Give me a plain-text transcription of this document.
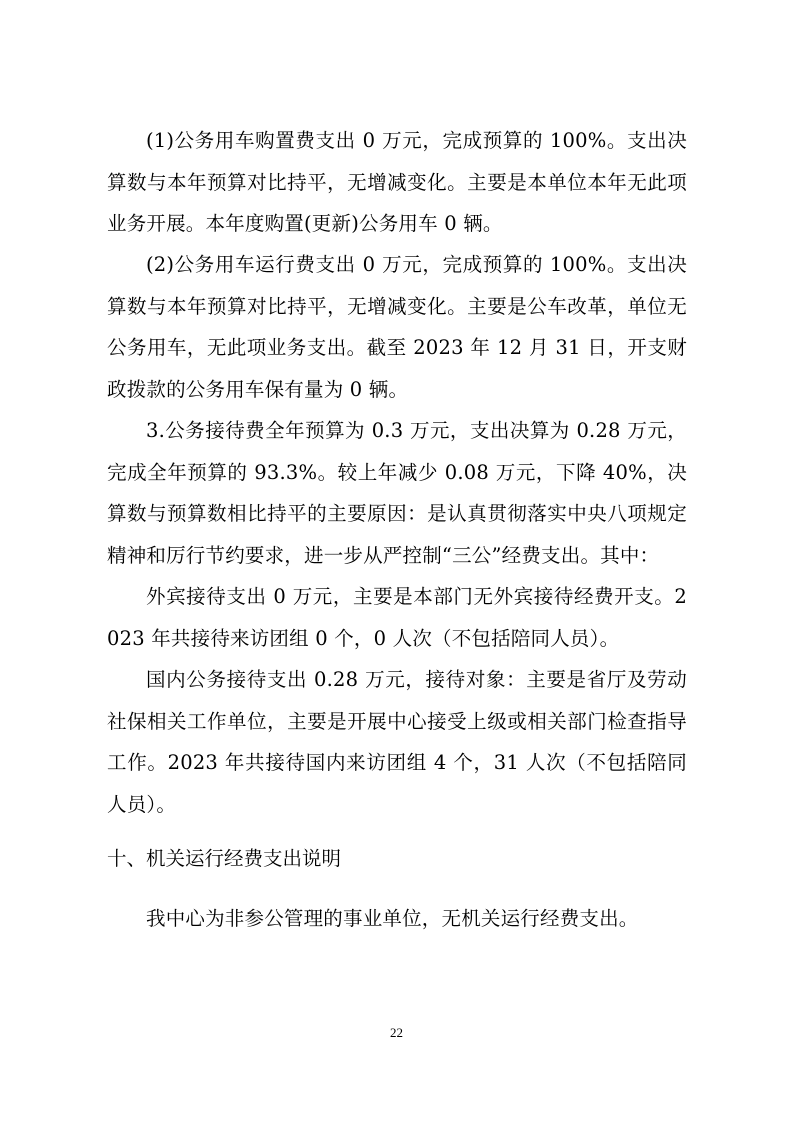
(1)公务用车购置费支出 0 万元，完成预算的 100%。支出决算数与本年预算对比持平，无增减变化。主要是本单位本年无此项业务开展。本年度购置(更新)公务用车 0 辆。

(2)公务用车运行费支出 0 万元，完成预算的 100%。支出决算数与本年预算对比持平，无增减变化。主要是公车改革，单位无公务用车，无此项业务支出。截至 2023 年 12 月 31 日，开支财政拨款的公务用车保有量为 0 辆。

3.公务接待费全年预算为 0.3 万元，支出决算为 0.28 万元，完成全年预算的 93.3%。较上年减少 0.08 万元，下降 40%，决算数与预算数相比持平的主要原因：是认真贯彻落实中央八项规定精神和厉行节约要求，进一步从严控制“三公”经费支出。其中：

外宾接待支出 0 万元，主要是本部门无外宾接待经费开支。2023 年共接待来访团组 0 个，0 人次（不包括陪同人员）。

国内公务接待支出 0.28 万元，接待对象：主要是省厅及劳动社保相关工作单位，主要是开展中心接受上级或相关部门检查指导工作。2023 年共接待国内来访团组 4 个，31 人次（不包括陪同人员）。

十、机关运行经费支出说明

我中心为非参公管理的事业单位，无机关运行经费支出。

22
